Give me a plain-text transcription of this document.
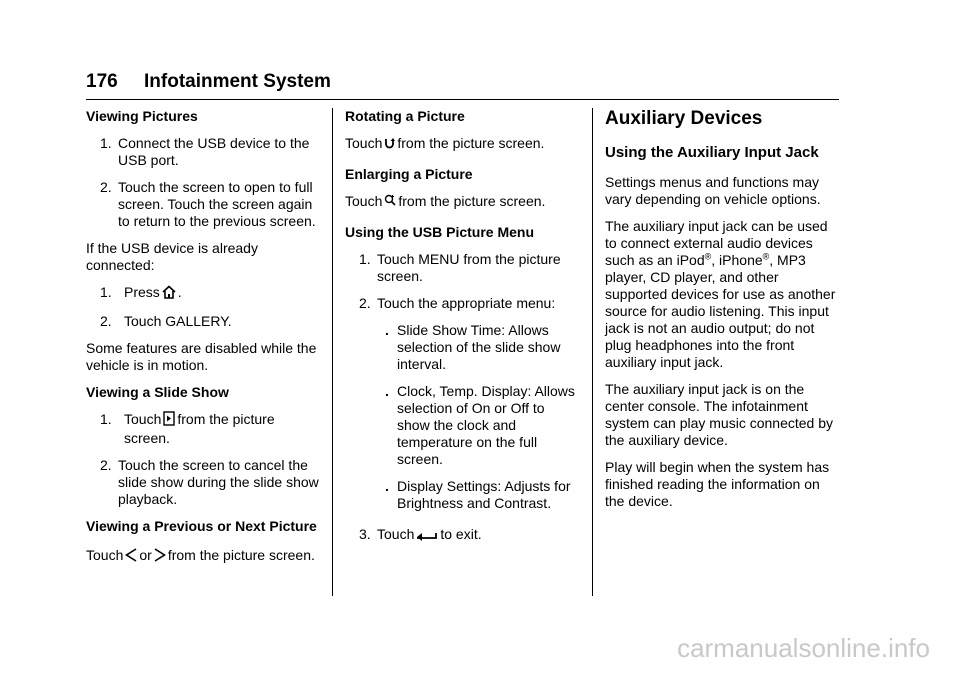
176 Infotainment System
Viewing Pictures
1. Connect the USB device to the USB port.
2. Touch the screen to open to full screen. Touch the screen again to return to the previous screen.
If the USB device is already connected:
1. Press .
2. Touch GALLERY.
Some features are disabled while the vehicle is in motion.
Viewing a Slide Show
1. Touch from the picture screen.
2. Touch the screen to cancel the slide show during the slide show playback.
Viewing a Previous or Next Picture
Touch or from the picture screen.
Rotating a Picture
Touch from the picture screen.
Enlarging a Picture
Touch from the picture screen.
Using the USB Picture Menu
1. Touch MENU from the picture screen.
2. Touch the appropriate menu:
. Slide Show Time: Allows selection of the slide show interval.
. Clock, Temp. Display: Allows selection of On or Off to show the clock and temperature on the full screen.
. Display Settings: Adjusts for Brightness and Contrast.
3. Touch to exit.
Auxiliary Devices
Using the Auxiliary Input Jack
Settings menus and functions may vary depending on vehicle options.
The auxiliary input jack can be used to connect external audio devices such as an iPod®, iPhone®, MP3 player, CD player, and other supported devices for use as another source for audio listening. This input jack is not an audio output; do not plug headphones into the front auxiliary input jack.
The auxiliary input jack is on the center console. The infotainment system can play music connected by the auxiliary device.
Play will begin when the system has finished reading the information on the device.
carmanualsonline.info
